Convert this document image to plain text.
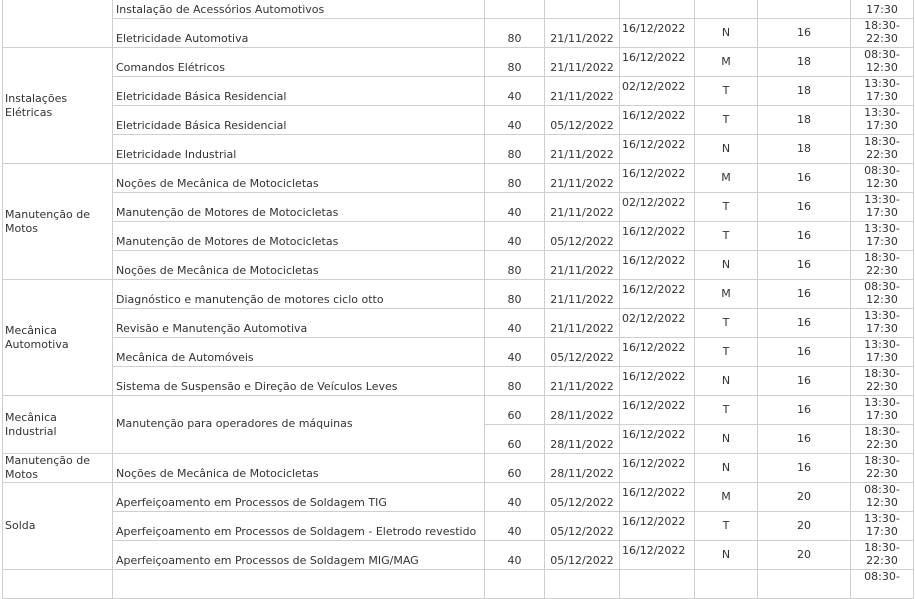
	Instalação de Acessórios Automotivos						17:30

	Eletricidade Automotiva	80	21/11/2022	16/12/2022	N	16	18:30-
22:30

Instalações Elétricas	Comandos Elétricos	80	21/11/2022	16/12/2022	M	18	08:30-
12:30

	Eletricidade Básica Residencial	40	21/11/2022	02/12/2022	T	18	13:30-
17:30

	Eletricidade Básica Residencial	40	05/12/2022	16/12/2022	T	18	13:30-
17:30

	Eletricidade Industrial	80	21/11/2022	16/12/2022	N	18	18:30-
22:30

Manutenção de Motos	Noções de Mecânica de Motocicletas	80	21/11/2022	16/12/2022	M	16	08:30-
12:30

	Manutenção de Motores de Motocicletas	40	21/11/2022	02/12/2022	T	16	13:30-
17:30

	Manutenção de Motores de Motocicletas	40	05/12/2022	16/12/2022	T	16	13:30-
17:30

	Noções de Mecânica de Motocicletas	80	21/11/2022	16/12/2022	N	16	18:30-
22:30

Mecânica Automotiva	Diagnóstico e manutenção de motores ciclo otto	80	21/11/2022	16/12/2022	M	16	08:30-
12:30

	Revisão e Manutenção Automotiva	40	21/11/2022	02/12/2022	T	16	13:30-
17:30

	Mecânica de Automóveis	40	05/12/2022	16/12/2022	T	16	13:30-
17:30

	Sistema de Suspensão e Direção de Veículos Leves	80	21/11/2022	16/12/2022	N	16	18:30-
22:30

Mecânica Industrial	Manutenção para operadores de máquinas	60	28/11/2022	16/12/2022	T	16	13:30-
17:30

		60	28/11/2022	16/12/2022	N	16	18:30-
22:30

Manutenção de Motos	Noções de Mecânica de Motocicletas	60	28/11/2022	16/12/2022	N	16	18:30-
22:30

Solda	Aperfeiçoamento em Processos de Soldagem TIG	40	05/12/2022	16/12/2022	M	20	08:30-
12:30

	Aperfeiçoamento em Processos de Soldagem - Eletrodo revestido	40	05/12/2022	16/12/2022	T	20	13:30-
17:30

	Aperfeiçoamento em Processos de Soldagem MIG/MAG	40	05/12/2022	16/12/2022	N	20	18:30-
22:30

							08:30-
